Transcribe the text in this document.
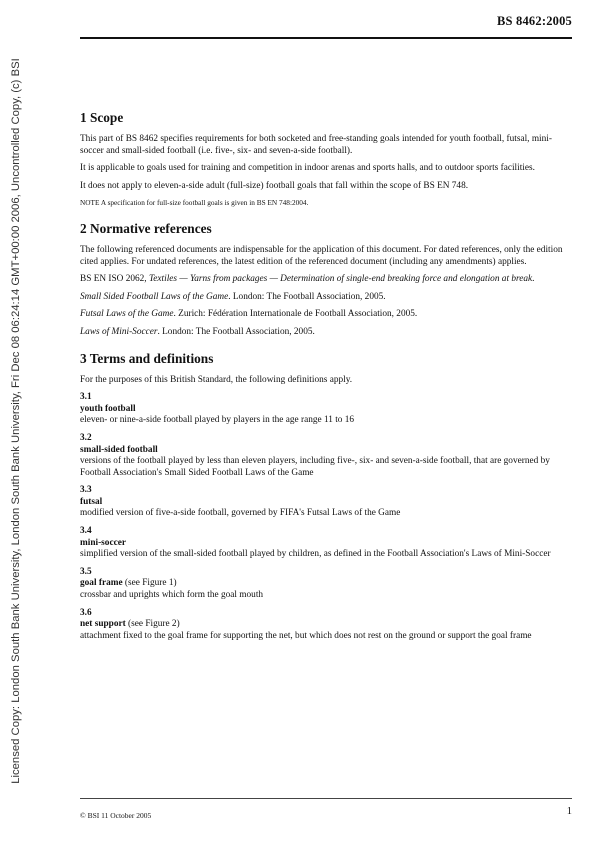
Licensed Copy: London South Bank University, London South Bank University, Fri Dec 08 06:24:14 GMT+00:00 2006, Uncontrolled Copy, (c) BSI
BS 8462:2005
1 Scope

This part of BS 8462 specifies requirements for both socketed and free-standing goals intended for youth football, futsal, mini-soccer and small-sided football (i.e. five-, six- and seven-a-side football).

It is applicable to goals used for training and competition in indoor arenas and sports halls, and to outdoor sports facilities.

It does not apply to eleven-a-side adult (full-size) football goals that fall within the scope of BS EN 748.

NOTE A specification for full-size football goals is given in BS EN 748:2004.

2 Normative references

The following referenced documents are indispensable for the application of this document. For dated references, only the edition cited applies. For undated references, the latest edition of the referenced document (including any amendments) applies.

BS EN ISO 2062, Textiles — Yarns from packages — Determination of single-end breaking force and elongation at break.

Small Sided Football Laws of the Game. London: The Football Association, 2005.

Futsal Laws of the Game. Zurich: Fédération Internationale de Football Association, 2005.

Laws of Mini-Soccer. London: The Football Association, 2005.

3 Terms and definitions

For the purposes of this British Standard, the following definitions apply.

3.1

youth football

eleven- or nine-a-side football played by players in the age range 11 to 16

3.2

small-sided football

versions of the football played by less than eleven players, including five-, six- and seven-a-side football, that are governed by Football Association's Small Sided Football Laws of the Game

3.3

futsal

modified version of five-a-side football, governed by FIFA's Futsal Laws of the Game

3.4

mini-soccer

simplified version of the small-sided football played by children, as defined in the Football Association's Laws of Mini-Soccer

3.5

goal frame (see Figure 1)

crossbar and uprights which form the goal mouth

3.6

net support (see Figure 2)

attachment fixed to the goal frame for supporting the net, but which does not rest on the ground or support the goal frame

© BSI 11 October 2005	1
